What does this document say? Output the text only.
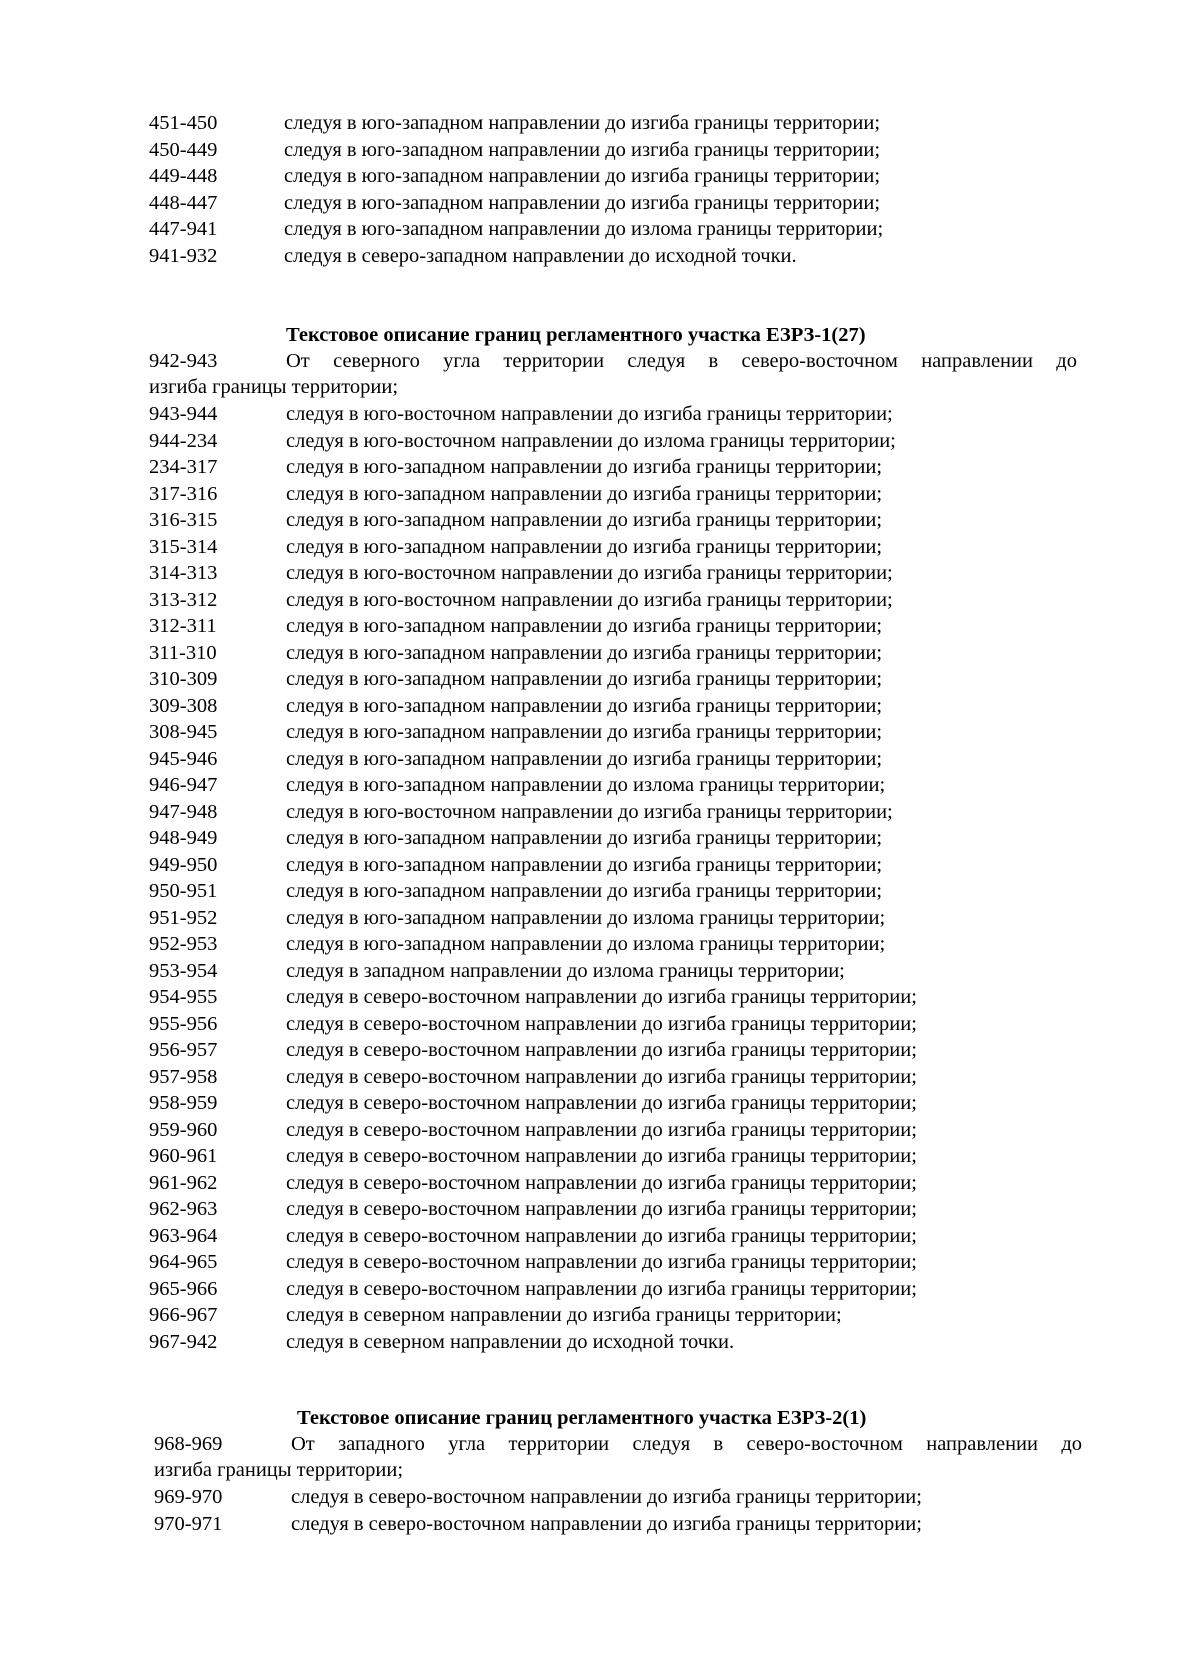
451-450	следуя в юго-западном направлении до изгиба границы территории;
450-449	следуя в юго-западном направлении до изгиба границы территории;
449-448	следуя в юго-западном направлении до изгиба границы территории;
448-447	следуя в юго-западном направлении до изгиба границы территории;
447-941	следуя в юго-западном направлении до излома границы территории;
941-932	следуя в северо-западном направлении до исходной точки.
Текстовое описание границ регламентного участка ЕЗРЗ-1(27)
942-943	От северного угла территории следуя в северо-восточном направлении до
изгиба границы территории;
943-944	следуя в юго-восточном направлении до изгиба границы территории;
944-234	следуя в юго-восточном направлении до излома границы территории;
234-317	следуя в юго-западном направлении до изгиба границы территории;
317-316	следуя в юго-западном направлении до изгиба границы территории;
316-315	следуя в юго-западном направлении до изгиба границы территории;
315-314	следуя в юго-западном направлении до изгиба границы территории;
314-313	следуя в юго-восточном направлении до изгиба границы территории;
313-312	следуя в юго-восточном направлении до изгиба границы территории;
312-311	следуя в юго-западном направлении до изгиба границы территории;
311-310	следуя в юго-западном направлении до изгиба границы территории;
310-309	следуя в юго-западном направлении до изгиба границы территории;
309-308	следуя в юго-западном направлении до изгиба границы территории;
308-945	следуя в юго-западном направлении до изгиба границы территории;
945-946	следуя в юго-западном направлении до изгиба границы территории;
946-947	следуя в юго-западном направлении до излома границы территории;
947-948	следуя в юго-восточном направлении до изгиба границы территории;
948-949	следуя в юго-западном направлении до изгиба границы территории;
949-950	следуя в юго-западном направлении до изгиба границы территории;
950-951	следуя в юго-западном направлении до изгиба границы территории;
951-952	следуя в юго-западном направлении до излома границы территории;
952-953	следуя в юго-западном направлении до излома границы территории;
953-954	следуя в западном направлении до излома границы территории;
954-955	следуя в северо-восточном направлении до изгиба границы территории;
955-956	следуя в северо-восточном направлении до изгиба границы территории;
956-957	следуя в северо-восточном направлении до изгиба границы территории;
957-958	следуя в северо-восточном направлении до изгиба границы территории;
958-959	следуя в северо-восточном направлении до изгиба границы территории;
959-960	следуя в северо-восточном направлении до изгиба границы территории;
960-961	следуя в северо-восточном направлении до изгиба границы территории;
961-962	следуя в северо-восточном направлении до изгиба границы территории;
962-963	следуя в северо-восточном направлении до изгиба границы территории;
963-964	следуя в северо-восточном направлении до изгиба границы территории;
964-965	следуя в северо-восточном направлении до изгиба границы территории;
965-966	следуя в северо-восточном направлении до изгиба границы территории;
966-967	следуя в северном направлении до изгиба границы территории;
967-942	следуя в северном направлении до исходной точки.
Текстовое описание границ регламентного участка ЕЗРЗ-2(1)
968-969	От западного угла территории следуя в северо-восточном направлении до
изгиба границы территории;
969-970	следуя в северо-восточном направлении до изгиба границы территории;
970-971	следуя в северо-восточном направлении до изгиба границы территории;
